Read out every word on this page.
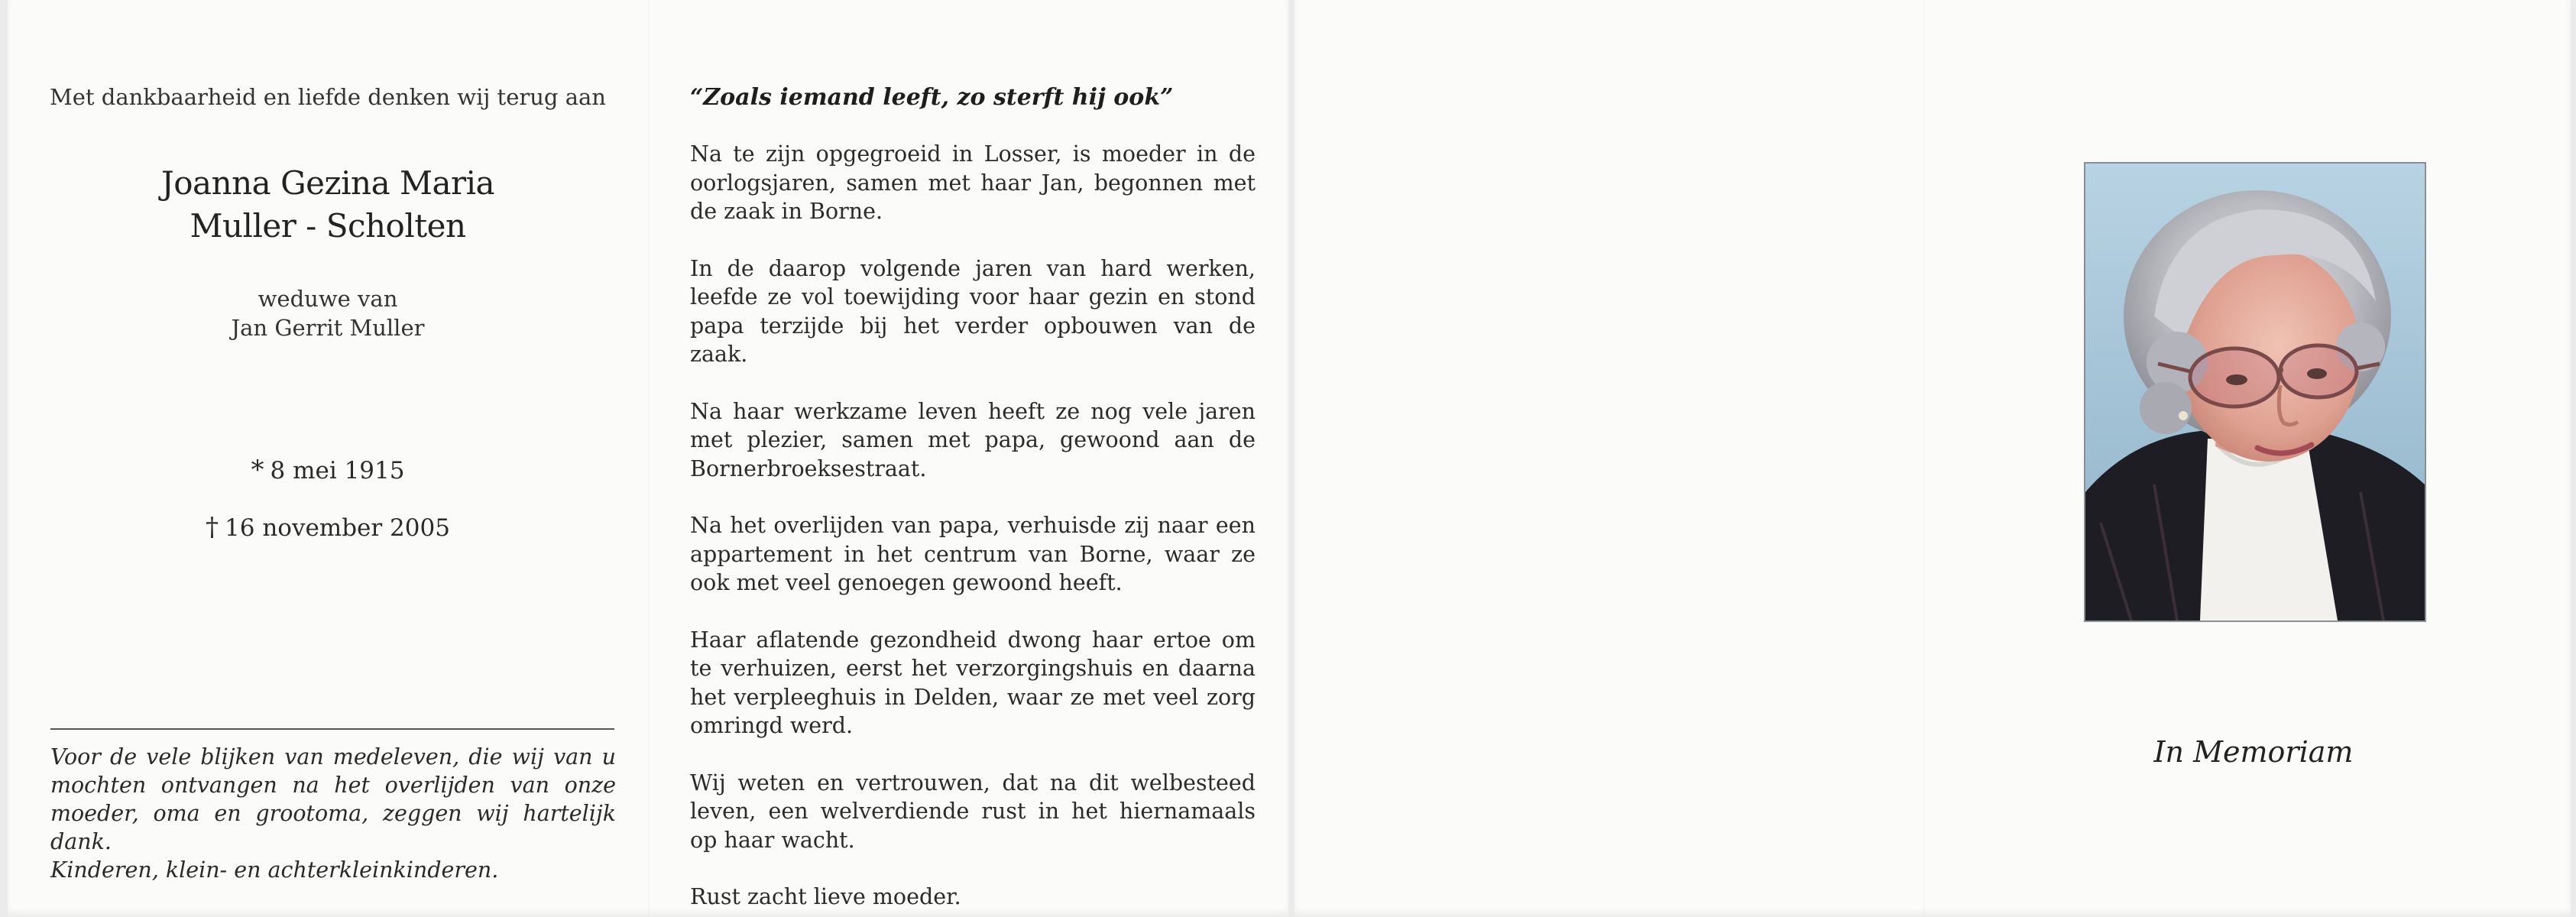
Met dankbaarheid en liefde denken wij terug aan
Joanna Gezina Maria
Muller - Scholten
weduwe van
Jan Gerrit Muller
* 8 mei 1915
† 16 november 2005
Voor de vele blijken van medeleven, die wij van u mochten ontvangen na het overlijden van onze moeder, oma en grootoma, zeggen wij hartelijk dank.
Kinderen, klein- en achterkleinkinderen.
“Zoals iemand leeft, zo sterft hij ook”

Na te zijn opgegroeid in Losser, is moeder in de oorlogsjaren, samen met haar Jan, begonnen met de zaak in Borne.

In de daarop volgende jaren van hard werken, leefde ze vol toewijding voor haar gezin en stond papa terzijde bij het verder opbouwen van de zaak.

Na haar werkzame leven heeft ze nog vele jaren met plezier, samen met papa, gewoond aan de Bornerbroeksestraat.

Na het overlijden van papa, verhuisde zij naar een appartement in het centrum van Borne, waar ze ook met veel genoegen gewoond heeft.

Haar aflatende gezondheid dwong haar ertoe om te verhuizen, eerst het verzorgingshuis en daarna het verpleeghuis in Delden, waar ze met veel zorg omringd werd.

Wij weten en vertrouwen, dat na dit welbesteed leven, een welverdiende rust in het hiernamaals op haar wacht.

Rust zacht lieve moeder.

In Memoriam
